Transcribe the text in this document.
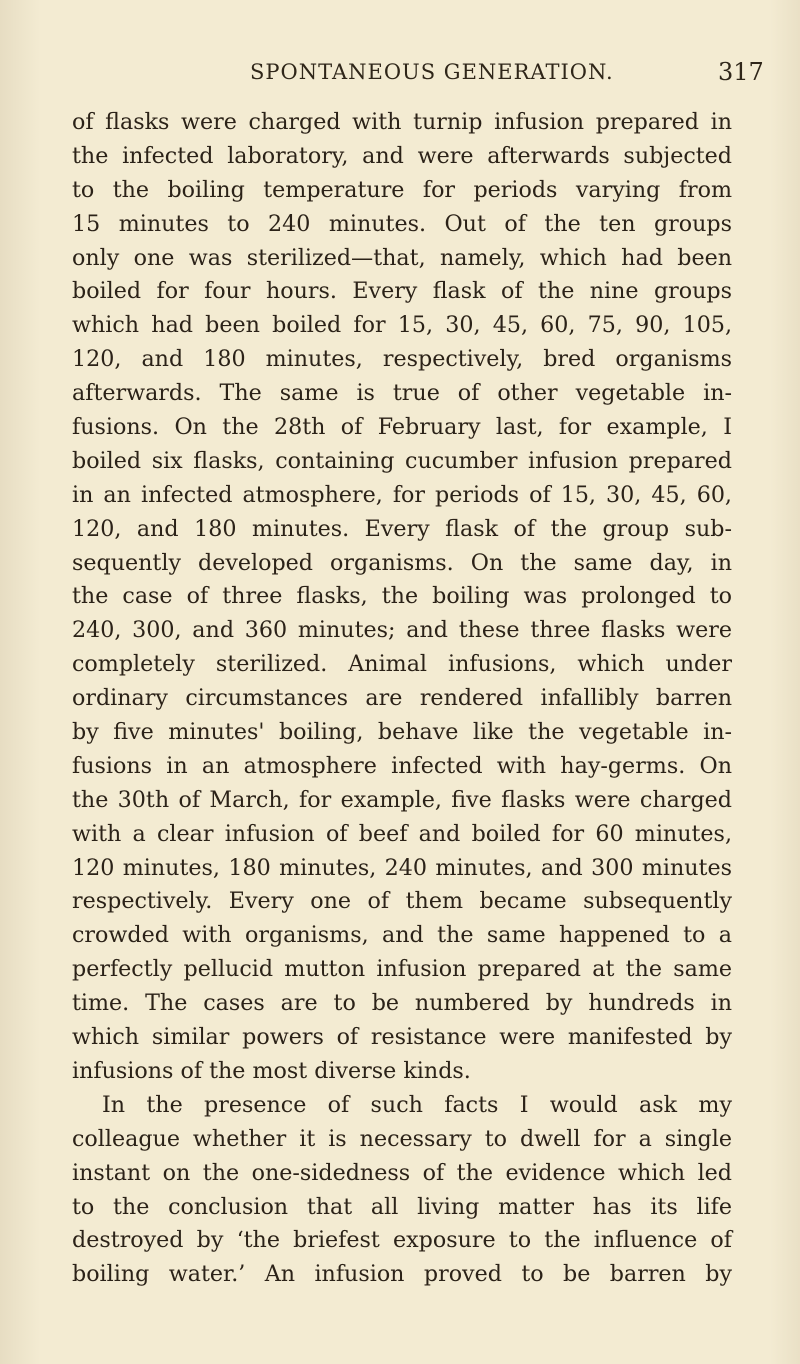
SPONTANEOUS GENERATION.	317
of flasks were charged with turnip infusion prepared in
the infected laboratory, and were afterwards subjected
to the boiling temperature for periods varying from
15 minutes to 240 minutes. Out of the ten groups
only one was sterilized—that, namely, which had been
boiled for four hours. Every flask of the nine groups
which had been boiled for 15, 30, 45, 60, 75, 90, 105,
120, and 180 minutes, respectively, bred organisms
afterwards. The same is true of other vegetable in-
fusions. On the 28th of February last, for example, I
boiled six flasks, containing cucumber infusion prepared
in an infected atmosphere, for periods of 15, 30, 45, 60,
120, and 180 minutes. Every flask of the group sub-
sequently developed organisms. On the same day, in
the case of three flasks, the boiling was prolonged to
240, 300, and 360 minutes; and these three flasks were
completely sterilized. Animal infusions, which under
ordinary circumstances are rendered infallibly barren
by five minutes' boiling, behave like the vegetable in-
fusions in an atmosphere infected with hay-germs. On
the 30th of March, for example, five flasks were charged
with a clear infusion of beef and boiled for 60 minutes,
120 minutes, 180 minutes, 240 minutes, and 300 minutes
respectively. Every one of them became subsequently
crowded with organisms, and the same happened to a
perfectly pellucid mutton infusion prepared at the same
time. The cases are to be numbered by hundreds in
which similar powers of resistance were manifested by
infusions of the most diverse kinds.
In the presence of such facts I would ask my
colleague whether it is necessary to dwell for a single
instant on the one-sidedness of the evidence which led
to the conclusion that all living matter has its life
destroyed by ‘the briefest exposure to the influence of
boiling water.’ An infusion proved to be barren by
